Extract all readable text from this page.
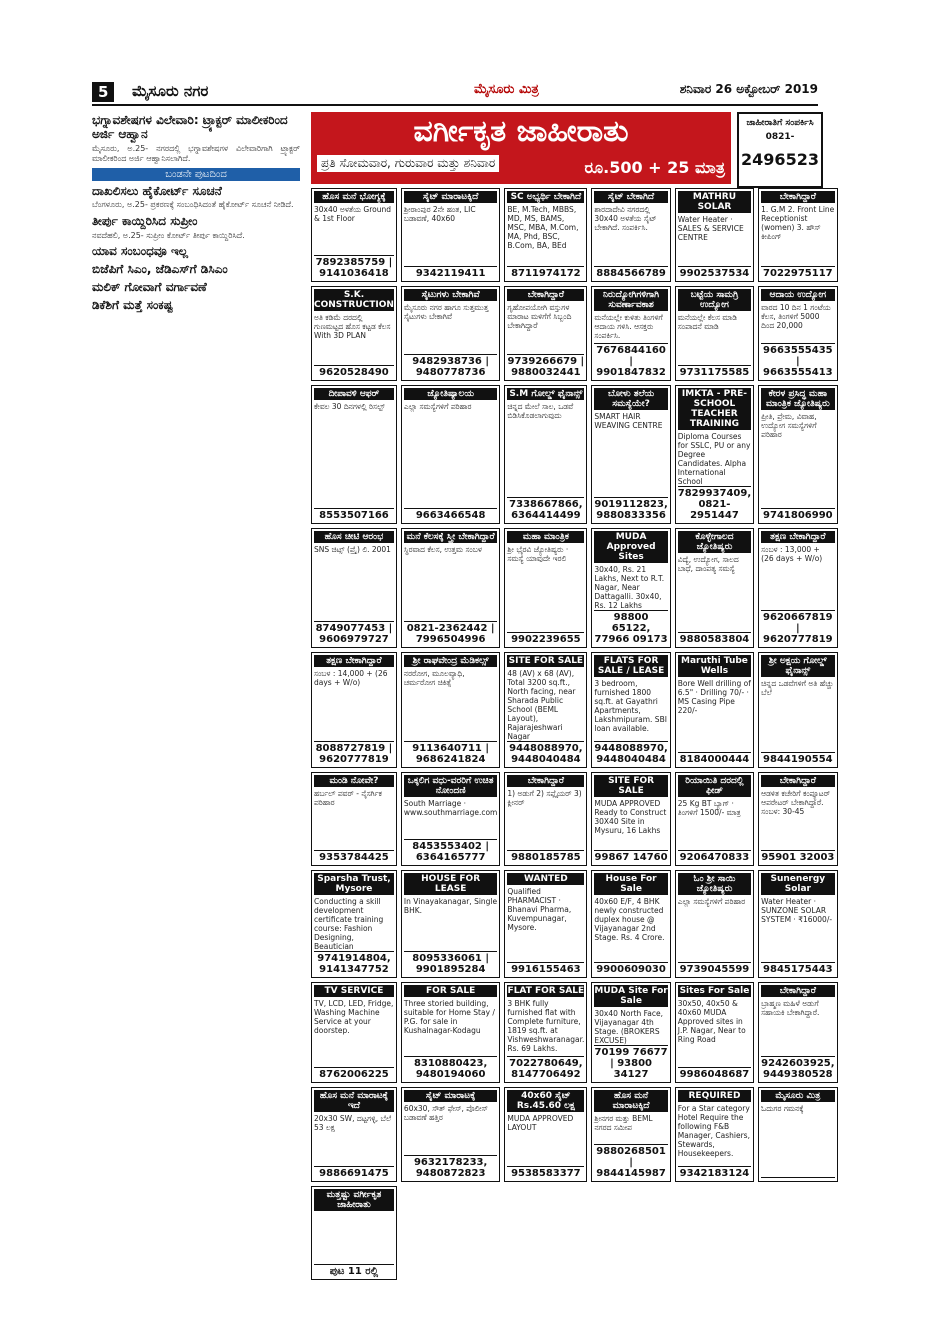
5	ಮೈಸೂರು ನಗರ	ಮೈಸೂರು ಮಿತ್ರ	ಶನಿವಾರ 26 ಅಕ್ಟೋಬರ್ 2019
ಭಗ್ನಾವಶೇಷಗಳ ವಿಲೇವಾರಿ: ಟ್ರ್ಯಾಕ್ಟರ್ ಮಾಲೀಕರಿಂದ ಅರ್ಜಿ ಆಹ್ವಾನ
ಮೈಸೂರು, ಅ.25- ನಗರದಲ್ಲಿ ಭಗ್ನಾವಶೇಷಗಳ ವಿಲೇವಾರಿಗಾಗಿ ಟ್ರ್ಯಾಕ್ಟರ್ ಮಾಲೀಕರಿಂದ ಅರ್ಜಿ ಆಹ್ವಾನಿಸಲಾಗಿದೆ.
ಬಂಡನೇ ಪುಟದಿಂದ
ದಾಖಲಿಸಲು ಹೈಕೋರ್ಟ್ ಸೂಚನೆ
ಬೆಂಗಳೂರು, ಅ.25- ಪ್ರಕರಣಕ್ಕೆ ಸಂಬಂಧಿಸಿದಂತೆ ಹೈಕೋರ್ಟ್ ಸೂಚನೆ ನೀಡಿದೆ.
ತೀರ್ಪು ಕಾಯ್ದಿರಿಸಿದ ಸುಪ್ರೀಂ
ನವದೆಹಲಿ, ಅ.25- ಸುಪ್ರೀಂ ಕೋರ್ಟ್ ತೀರ್ಪು ಕಾಯ್ದಿರಿಸಿದೆ.
ಯಾವ ಸಂಬಂಧವೂ ಇಲ್ಲ
ಬಿಜೆಪಿಗೆ ಸಿಎಂ, ಜೆಡಿಎಸ್‌ಗೆ ಡಿಸಿಎಂ
ಮಲಿಕ್ ಗೋವಾಗೆ ವರ್ಗಾವಣೆ
ಡಿಕೆಶಿಗೆ ಮತ್ತೆ ಸಂಕಷ್ಟ
ವರ್ಗೀಕೃತ ಜಾಹೀರಾತು
ಪ್ರತಿ ಸೋಮವಾರ, ಗುರುವಾರ ಮತ್ತು ಶನಿವಾರ	ರೂ.500 + 25 ಮಾತ್ರ
ಜಾಹೀರಾತಿಗೆ ಸಂಪರ್ಕಿಸಿ
0821-
2496523
ಹೊಸ ಮನೆ ಭೋಗ್ಯಕ್ಕೆ
30x40 ಅಳತೆಯ Ground & 1st Floor
7892385759 | 9141036418
ಸೈಟ್ ಮಾರಾಟಕ್ಕಿದೆ
ಶ್ರೀರಾಂಪುರ 2ನೇ ಹಂತ, LIC ಬಡಾವಣೆ, 40x60
9342119411
SC ಅಭ್ಯರ್ಥಿ ಬೇಕಾಗಿದೆ
BE, M.Tech, MBBS, MD, MS, BAMS, MSC, MBA, M.Com, MA, Phd, BSC, B.Com, BA, BEd
8711974172
ಸೈಟ್ ಬೇಕಾಗಿದೆ
ಶಾರದಾದೇವಿ ನಗರದಲ್ಲಿ 30x40 ಅಳತೆಯ ಸೈಟ್ ಬೇಕಾಗಿದೆ. ಸಂಪರ್ಕಿಸಿ.
8884566789
MATHRU SOLAR
Water Heater · SALES & SERVICE CENTRE
9902537534
ಬೇಕಾಗಿದ್ದಾರೆ
1. G.M 2. Front Line Receptionist (women) 3. ಹೌಸ್ ಕೀಪಿಂಗ್
7022975117
S.K. CONSTRUCTION
ಅತಿ ಕಡಿಮೆ ದರದಲ್ಲಿ ಗುಣಮಟ್ಟದ ಹೊಸ ಕಟ್ಟಡ ಕೆಲಸ With 3D PLAN
9620528490
ಸೈಟುಗಳು ಬೇಕಾಗಿವೆ
ಮೈಸೂರು ನಗರ ಹಾಗೂ ಸುತ್ತಮುತ್ತ ಸೈಟುಗಳು ಬೇಕಾಗಿವೆ
9482938736 | 9480778736
ಬೇಕಾಗಿದ್ದಾರೆ
ಗೃಹೋಪಯೋಗಿ ವಸ್ತುಗಳ ಮಾರಾಟ ಮಳಿಗೆಗೆ ಸಿಬ್ಬಂದಿ ಬೇಕಾಗಿದ್ದಾರೆ
9739266679 | 9880032441
ನಿರುದ್ಯೋಗಿಗಳಿಗಾಗಿ ಸುವರ್ಣಾವಕಾಶ
ಮನೆಯಲ್ಲೇ ಕುಳಿತು ತಿಂಗಳಿಗೆ ಆದಾಯ ಗಳಿಸಿ. ಆಸಕ್ತರು ಸಂಪರ್ಕಿಸಿ.
7676844160 | 9901847832
ಬಟ್ಟೆಯ ಸಾಮಗ್ರಿ ಉದ್ಯೋಗ
ಮನೆಯಲ್ಲೇ ಕೆಲಸ ಮಾಡಿ ಸಂಪಾದನೆ ಮಾಡಿ
9731175585
ಆದಾಯ ಉದ್ಯೋಗ
ವಾರದ 10 ದಿನ 1 ಗಂಟೆಯ ಕೆಲಸ, ತಿಂಗಳಿಗೆ 5000 ದಿಂದ 20,000
9663555435 | 9663555413
ದೀಪಾವಳಿ ಆಫರ್
ಕೇವಲ 30 ದಿನಗಳಲ್ಲಿ ರಿಸಲ್ಟ್
8553507166
ಜ್ಯೋತಿಷ್ಯಾಲಯ
ಎಲ್ಲಾ ಸಮಸ್ಯೆಗಳಿಗೆ ಪರಿಹಾರ
9663466548
S.M ಗೋಲ್ಡ್ ಫೈನಾನ್ಸ್
ಚಿನ್ನದ ಮೇಲೆ ಸಾಲ, ಒಡವೆ ಬಿಡಿಸಿಕೊಡಲಾಗುವುದು
7338667866, 6364414499
ಬೋಳು ತಲೆಯ ಸಮಸ್ಯೆಯೇ?
SMART HAIR WEAVING CENTRE
9019112823, 9880833356
IMKTA - PRE-SCHOOL TEACHER TRAINING
Diploma Courses for SSLC, PU or any Degree Candidates. Alpha International School
7829937409, 0821-2951447
ಕೇರಳ ಪ್ರಸಿದ್ಧ ಮಹಾ ಮಾಂತ್ರಿಕ ಜ್ಯೋತಿಷ್ಯರು
ಪ್ರೀತಿ, ಪ್ರೇಮ, ವಿವಾಹ, ಉದ್ಯೋಗ ಸಮಸ್ಯೆಗಳಿಗೆ ಪರಿಹಾರ
9741806990
ಹೊಸ ಚೀಟಿ ಆರಂಭ
SNS ಚಿಟ್ಸ್ (ಪ್ರೈ) ಲಿ. 2001
8749077453 | 9606979727
ಮನೆ ಕೆಲಸಕ್ಕೆ ಸ್ತ್ರೀ ಬೇಕಾಗಿದ್ದಾರೆ
ಸ್ಥಿರವಾದ ಕೆಲಸ, ಉತ್ತಮ ಸಂಬಳ
0821-2362442 | 7996504996
ಮಹಾ ಮಾಂತ್ರಿಕ
ಶ್ರೀ ಭೈರವಿ ಜ್ಯೋತಿಷ್ಯರು · ಸಮಸ್ಯೆ ಯಾವುದೇ ಇರಲಿ
9902239655
MUDA Approved Sites
30x40, Rs. 21 Lakhs, Next to R.T. Nagar, Near Dattagalli. 30x40, Rs. 12 Lakhs
98800 65122, 77966 09173
ಕೊಳ್ಳೇಗಾಲದ ಜ್ಯೋತಿಷ್ಯರು
ವಿದ್ಯೆ, ಉದ್ಯೋಗ, ಸಾಲದ ಬಾಧೆ, ದಾಂಪತ್ಯ ಸಮಸ್ಯೆ
9880583804
ತಕ್ಷಣ ಬೇಕಾಗಿದ್ದಾರೆ
ಸಂಬಳ : 13,000 + (26 days + W/o)
9620667819 | 9620777819
ತಕ್ಷಣ ಬೇಕಾಗಿದ್ದಾರೆ
ಸಂಬಳ : 14,000 + (26 days + W/o)
8088727819 | 9620777819
ಶ್ರೀ ರಾಘವೇಂದ್ರ ಮೆಡಿಕಲ್ಸ್
ನರರೋಗ, ಮೂಲವ್ಯಾಧಿ, ಚರ್ಮರೋಗ ಚಿಕಿತ್ಸೆ
9113640711 | 9686241824
SITE FOR SALE
48 (AV) x 68 (AV), Total 3200 sq.ft., North facing, near Sharada Public School (BEML Layout), Rajarajeshwari Nagar
9448088970, 9448040484
FLATS FOR SALE / LEASE
3 bedroom, furnished 1800 sq.ft. at Gayathri Apartments, Lakshmipuram. SBI loan available.
9448088970, 9448040484
Maruthi Tube Wells
Bore Well drilling of 6.5" · Drilling 70/- · MS Casing Pipe 220/-
8184000444
ಶ್ರೀ ಅಕ್ಷಯ ಗೋಲ್ಡ್ ಫೈನಾನ್ಸ್
ಚಿನ್ನದ ಒಡವೆಗಳಿಗೆ ಅತಿ ಹೆಚ್ಚು ಬೆಲೆ
9844190554
ಮಂಡಿ ನೋವೇ?
ಹರ್ಬಲ್ ಪವರ್ - ನೈಸರ್ಗಿಕ ಪರಿಹಾರ
9353784425
ಒಕ್ಕಲಿಗ ವಧು-ವರರಿಗೆ ಉಚಿತ ನೋಂದಣಿ
South Marriage · www.southmarriage.com
8453553402 | 6364165777
ಬೇಕಾಗಿದ್ದಾರೆ
1) ಅಡುಗೆ 2) ಸಪ್ಲೈಯರ್ 3) ಕ್ಲೀನರ್
9880185785
SITE FOR SALE
MUDA APPROVED Ready to Construct 30X40 Site in Mysuru, 16 Lakhs
99867 14760
ರಿಯಾಯಿತಿ ದರದಲ್ಲಿ ಫೀಡ್
25 Kg BT ಬ್ಯಾಗ್ · ತಿಂಗಳಿಗೆ 1500/- ಮಾತ್ರ
9206470833
ಬೇಕಾಗಿದ್ದಾರೆ
ಆಡಳಿತ ಕಚೇರಿಗೆ ಕಂಪ್ಯೂಟರ್ ಆಪರೇಟರ್ ಬೇಕಾಗಿದ್ದಾರೆ. ಸಂಬಳ: 30-45
95901 32003
Sparsha Trust, Mysore
Conducting a skill development certificate training course: Fashion Designing, Beautician
9741914804, 9141347752
HOUSE FOR LEASE
In Vinayakanagar, Single BHK.
8095336061 | 9901895284
WANTED
Qualified PHARMACIST · Bhanavi Pharma, Kuvempunagar, Mysore.
9916155463
House For Sale
40x60 E/F, 4 BHK newly constructed duplex house @ Vijayanagar 2nd Stage. Rs. 4 Crore.
9900609030
ಓಂ ಶ್ರೀ ಸಾಯಿ ಜ್ಯೋತಿಷ್ಯರು
ಎಲ್ಲಾ ಸಮಸ್ಯೆಗಳಿಗೆ ಪರಿಹಾರ
9739045599
Sunenergy Solar
Water Heater · SUNZONE SOLAR SYSTEM · ₹16000/-
9845175443
TV SERVICE
TV, LCD, LED, Fridge, Washing Machine Service at your doorstep.
8762006225
FOR SALE
Three storied building, suitable for Home Stay / P.G. for sale in Kushalnagar-Kodagu
8310880423, 9480194060
FLAT FOR SALE
3 BHK fully furnished flat with Complete furniture, 1819 sq.ft. at Vishweshwaranagar. Rs. 69 Lakhs.
7022780649, 8147706492
MUDA Site For Sale
30x40 North Face, Vijayanagar 4th Stage. (BROKERS EXCUSE)
70199 76677 | 93800 34127
Sites For Sale
30x50, 40x50 & 40x60 MUDA Approved sites in J.P. Nagar, Near to Ring Road
9986048687
ಬೇಕಾಗಿದ್ದಾರೆ
ಬ್ರಾಹ್ಮಣ ಮಹಿಳೆ ಅಡುಗೆ ಸಹಾಯಕಿ ಬೇಕಾಗಿದ್ದಾರೆ.
9242603925, 9449380528
ಹೊಸ ಮನೆ ಮಾರಾಟಕ್ಕೆ ಇದೆ
20x30 SW, ದಟ್ಟಗಳ್ಳಿ, ಬೆಲೆ 53 ಲಕ್ಷ
9886691475
ಸೈಟ್ ಮಾರಾಟಕ್ಕೆ
60x30, ಸೌತ್ ಫೇಸ್, ಪೊಲೀಸ್ ಬಡಾವಣೆ ಹತ್ತಿರ
9632178233, 9480872823
40x60 ಸೈಟ್ Rs.45.60 ಲಕ್ಷ
MUDA APPROVED LAYOUT
9538583377
ಹೊಸ ಮನೆ ಮಾರಾಟಕ್ಕಿದೆ
ಶ್ರೀನಗರ ಮತ್ತು BEML ನಗರದ ಸಮೀಪ
9880268501 | 9844145987
REQUIRED
For a Star category Hotel Require the following F&B Manager, Cashiers, Stewards, Housekeepers.
9342183124
ಮೈಸೂರು ಮಿತ್ರ
ಓದುಗರ ಗಮನಕ್ಕೆ
ಮತ್ತಷ್ಟು ವರ್ಗೀಕೃತ ಜಾಹೀರಾತು
ಪುಟ 11 ರಲ್ಲಿ
